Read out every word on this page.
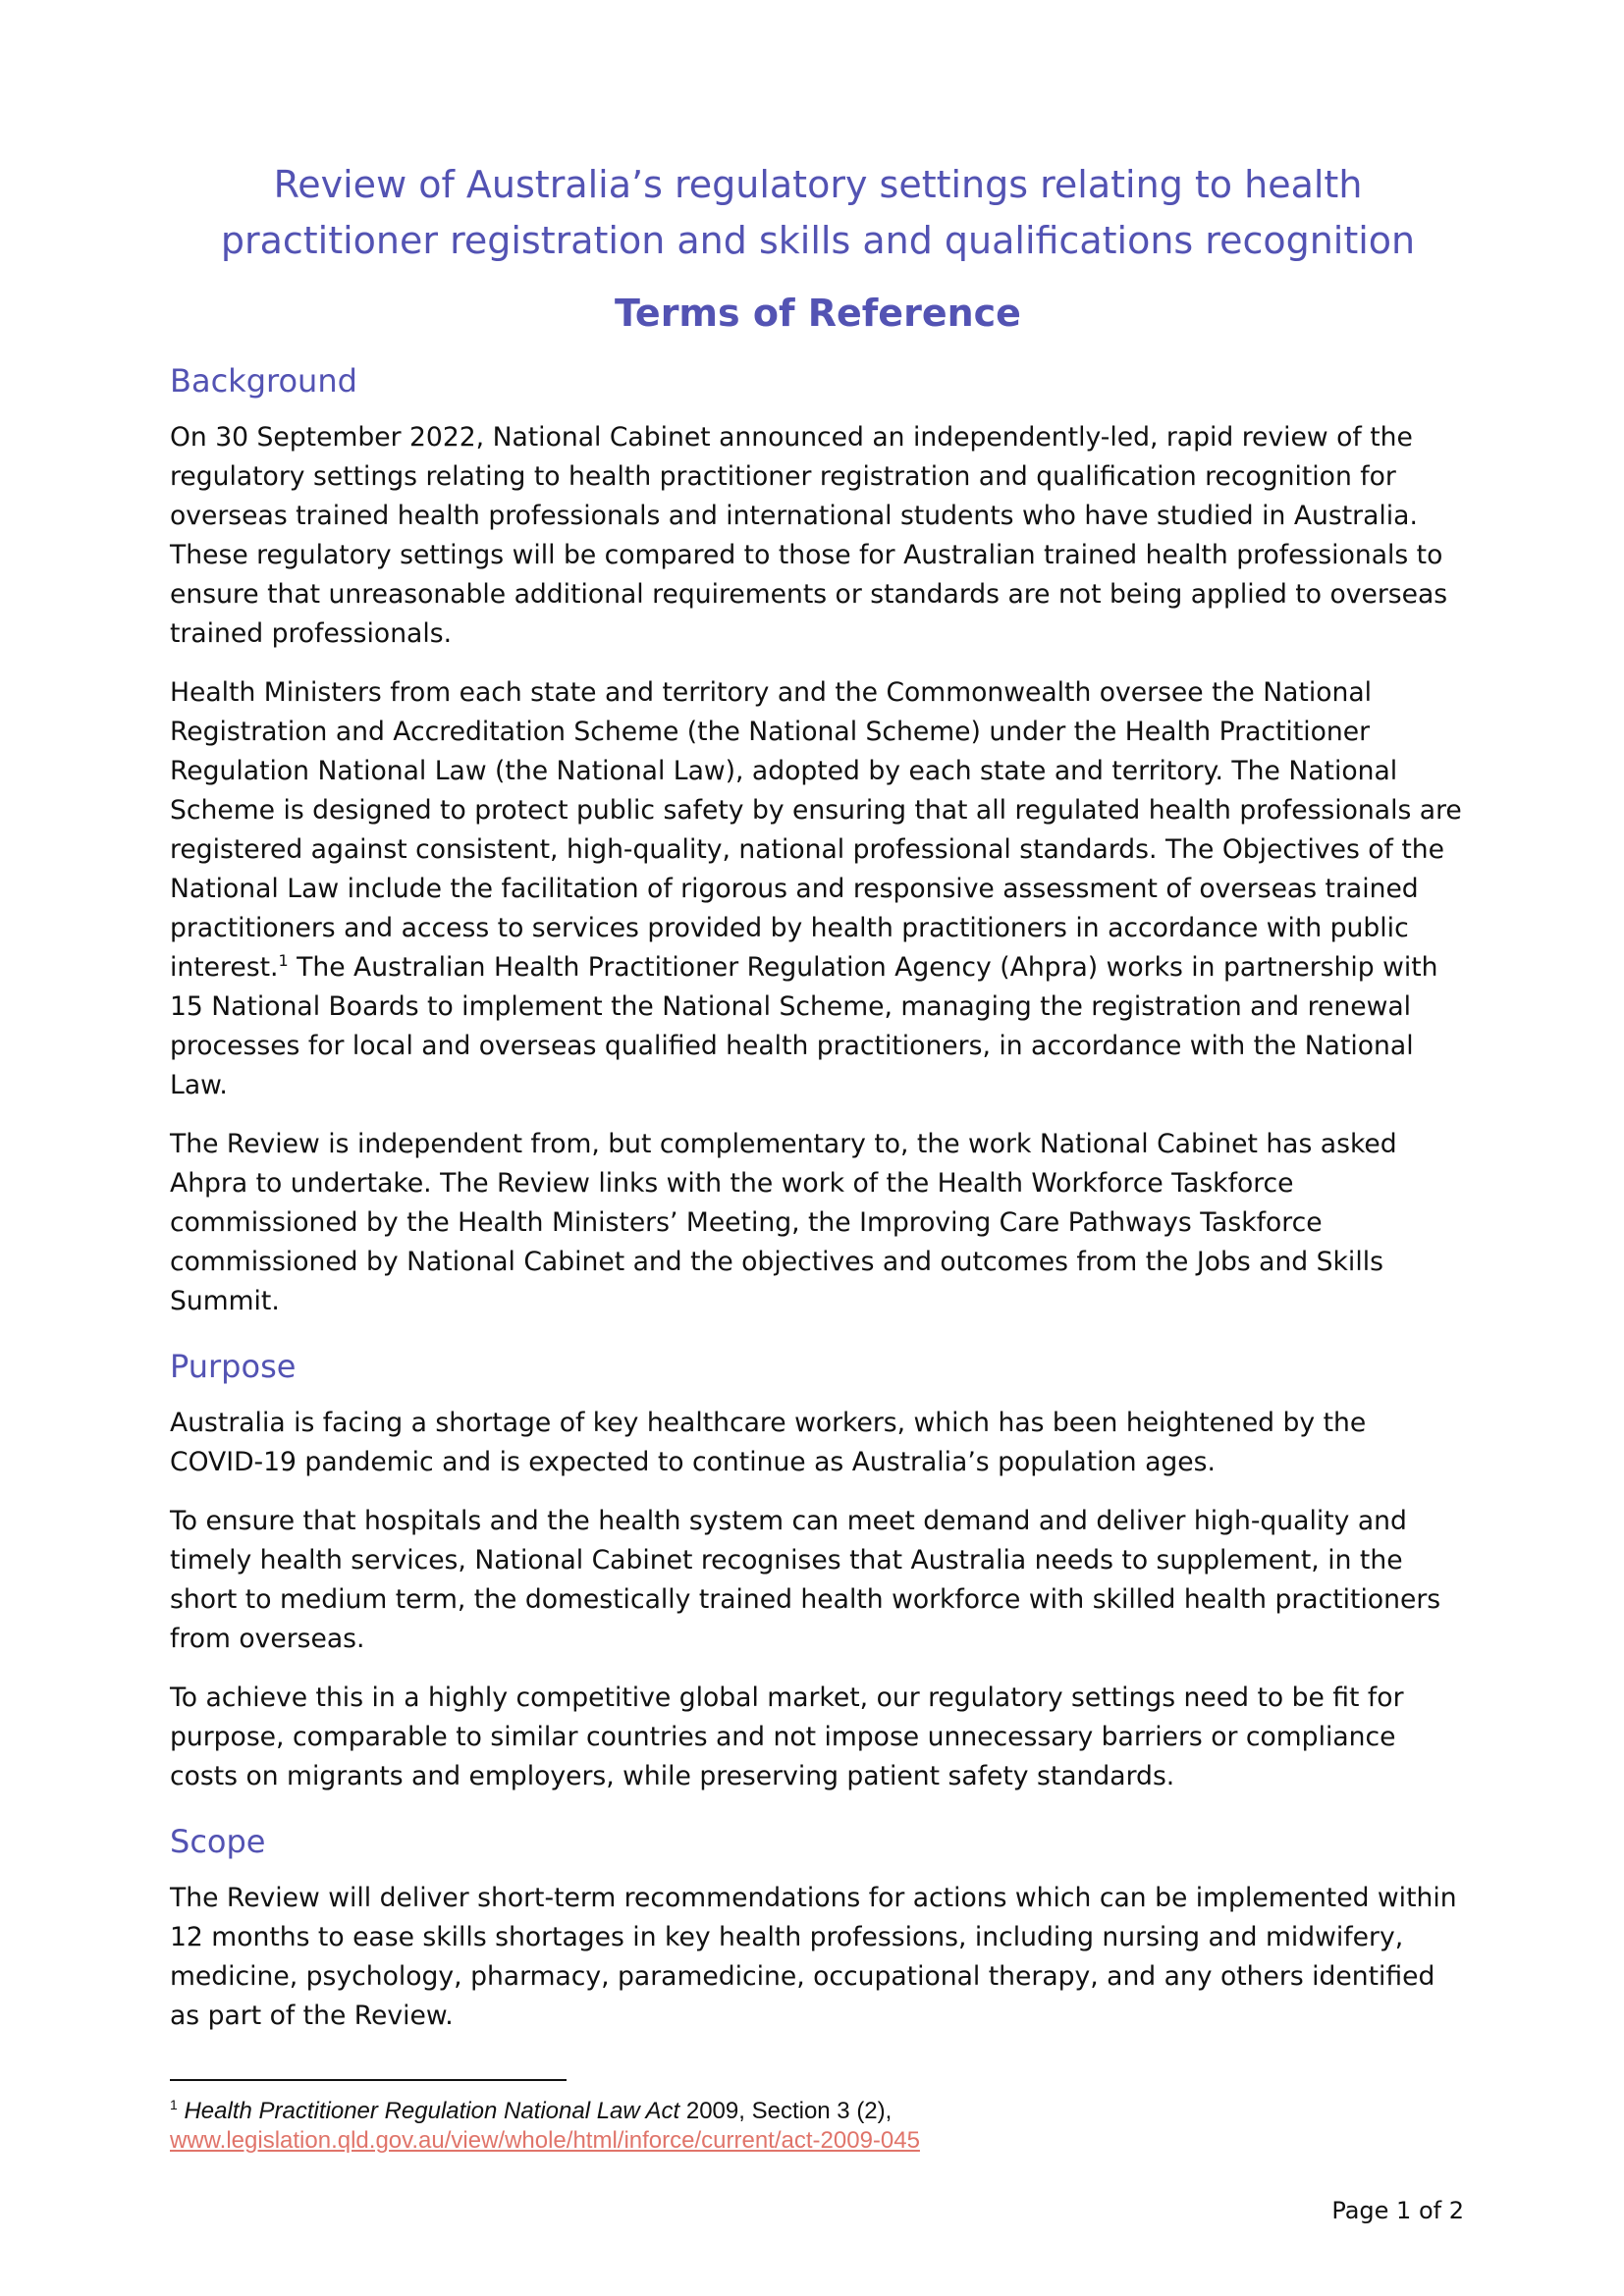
Review of Australia’s regulatory settings relating to health practitioner registration and skills and qualifications recognition
Terms of Reference
Background

On 30 September 2022, National Cabinet announced an independently-led, rapid review of the regulatory settings relating to health practitioner registration and qualification recognition for overseas trained health professionals and international students who have studied in Australia. These regulatory settings will be compared to those for Australian trained health professionals to ensure that unreasonable additional requirements or standards are not being applied to overseas trained professionals.

Health Ministers from each state and territory and the Commonwealth oversee the National Registration and Accreditation Scheme (the National Scheme) under the Health Practitioner Regulation National Law (the National Law), adopted by each state and territory. The National Scheme is designed to protect public safety by ensuring that all regulated health professionals are registered against consistent, high-quality, national professional standards. The Objectives of the National Law include the facilitation of rigorous and responsive assessment of overseas trained practitioners and access to services provided by health practitioners in accordance with public interest.$^1$ The Australian Health Practitioner Regulation Agency (Ahpra) works in partnership with 15 National Boards to implement the National Scheme, managing the registration and renewal processes for local and overseas qualified health practitioners, in accordance with the National Law.

The Review is independent from, but complementary to, the work National Cabinet has asked Ahpra to undertake. The Review links with the work of the Health Workforce Taskforce commissioned by the Health Ministers’ Meeting, the Improving Care Pathways Taskforce commissioned by National Cabinet and the objectives and outcomes from the Jobs and Skills Summit.

Purpose

Australia is facing a shortage of key healthcare workers, which has been heightened by the COVID-19 pandemic and is expected to continue as Australia’s population ages.

To ensure that hospitals and the health system can meet demand and deliver high-quality and timely health services, National Cabinet recognises that Australia needs to supplement, in the short to medium term, the domestically trained health workforce with skilled health practitioners from overseas.

To achieve this in a highly competitive global market, our regulatory settings need to be fit for purpose, comparable to similar countries and not impose unnecessary barriers or compliance costs on migrants and employers, while preserving patient safety standards.

Scope

The Review will deliver short-term recommendations for actions which can be implemented within 12 months to ease skills shortages in key health professions, including nursing and midwifery, medicine, psychology, pharmacy, paramedicine, occupational therapy, and any others identified as part of the Review.

$^1$ Health Practitioner Regulation National Law Act 2009, Section 3 (2),
www.legislation.qld.gov.au/view/whole/html/inforce/current/act-2009-045
Page 1 of 2
